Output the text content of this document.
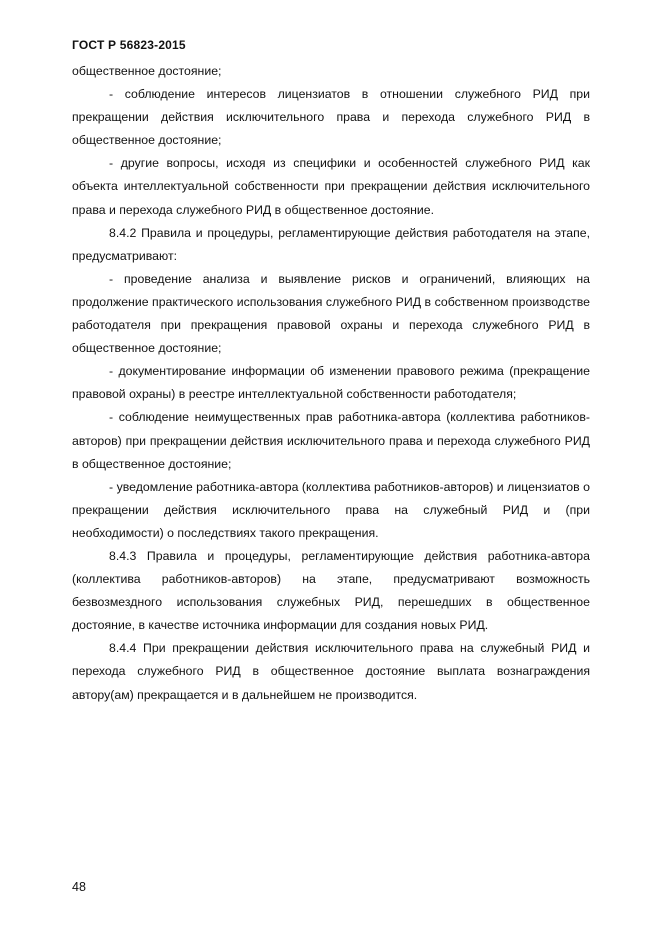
ГОСТ Р 56823-2015

общественное достояние;

- соблюдение интересов лицензиатов в отношении служебного РИД при прекращении действия исключительного права и перехода служебного РИД в общественное достояние;

- другие вопросы, исходя из специфики и особенностей служебного РИД как объекта интеллектуальной собственности при прекращении действия исключительного права и перехода служебного РИД в общественное достояние.

8.4.2 Правила и процедуры, регламентирующие действия работодателя на этапе, предусматривают:

- проведение анализа и выявление рисков и ограничений, влияющих на продолжение практического использования служебного РИД в собственном производстве работодателя при прекращения правовой охраны и перехода служебного РИД в общественное достояние;

- документирование информации об изменении правового режима (прекращение правовой охраны) в реестре интеллектуальной собственности работодателя;

- соблюдение неимущественных прав работника-автора (коллектива работников-авторов) при прекращении действия исключительного права и перехода служебного РИД в общественное достояние;

- уведомление работника-автора (коллектива работников-авторов) и лицензиатов о прекращении действия исключительного права на служебный РИД и (при необходимости) о последствиях такого прекращения.

8.4.3 Правила и процедуры, регламентирующие действия работника-автора (коллектива работников-авторов) на этапе, предусматривают возможность безвозмездного использования служебных РИД, перешедших в общественное достояние, в качестве источника информации для создания новых РИД.

8.4.4 При прекращении действия исключительного права на служебный РИД и перехода служебного РИД в общественное достояние выплата вознаграждения автору(ам) прекращается и в дальнейшем не производится.

48
